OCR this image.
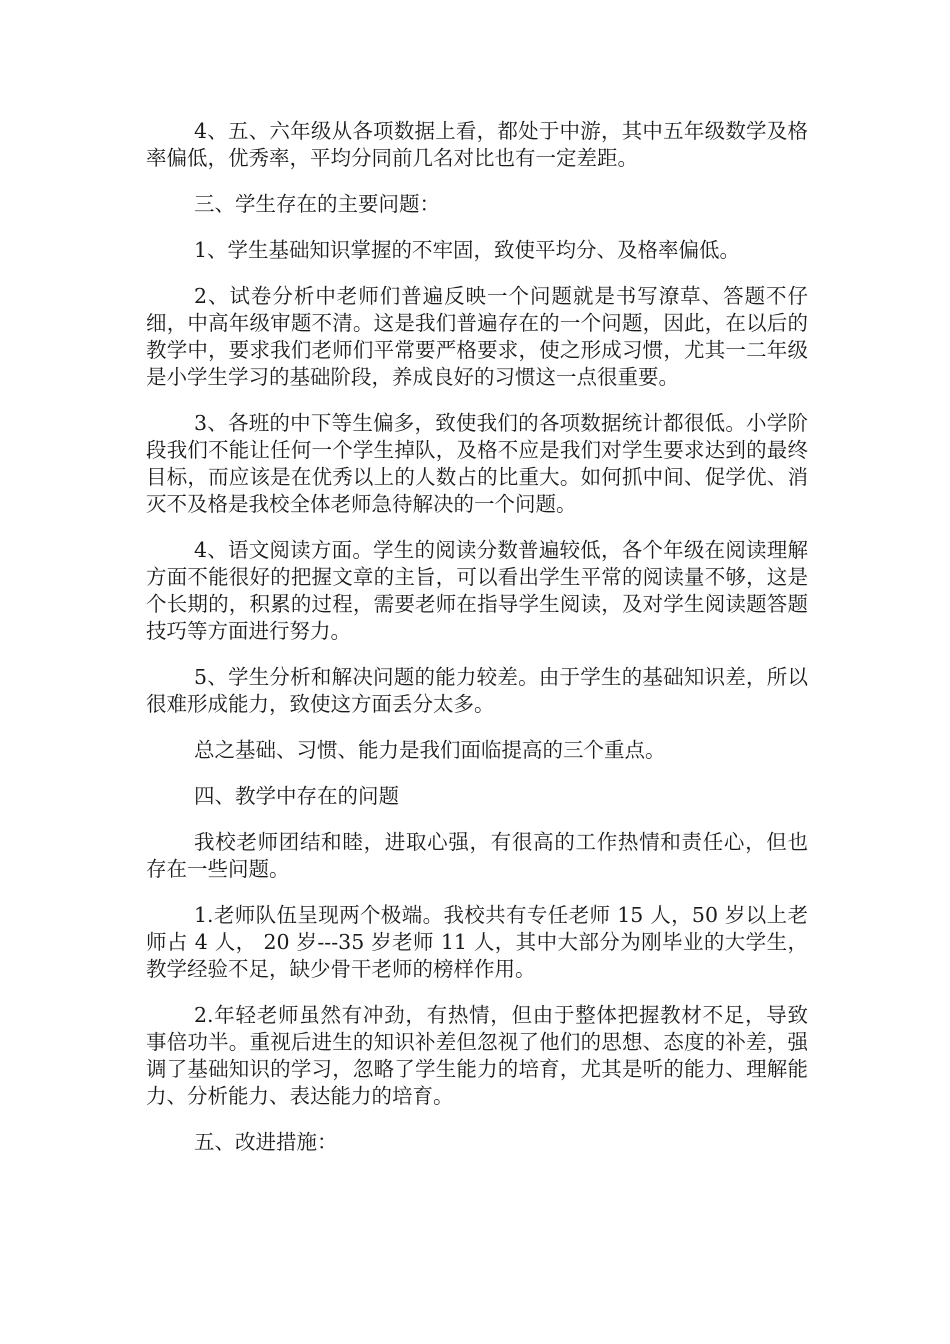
4、五、六年级从各项数据上看，都处于中游，其中五年级数学及格率偏低，优秀率，平均分同前几名对比也有一定差距。

三、学生存在的主要问题：

1、学生基础知识掌握的不牢固，致使平均分、及格率偏低。

2、试卷分析中老师们普遍反映一个问题就是书写潦草、答题不仔细，中高年级审题不清。这是我们普遍存在的一个问题，因此，在以后的教学中，要求我们老师们平常要严格要求，使之形成习惯，尤其一二年级是小学生学习的基础阶段，养成良好的习惯这一点很重要。

3、各班的中下等生偏多，致使我们的各项数据统计都很低。小学阶段我们不能让任何一个学生掉队，及格不应是我们对学生要求达到的最终目标，而应该是在优秀以上的人数占的比重大。如何抓中间、促学优、消灭不及格是我校全体老师急待解决的一个问题。

4、语文阅读方面。学生的阅读分数普遍较低，各个年级在阅读理解方面不能很好的把握文章的主旨，可以看出学生平常的阅读量不够，这是个长期的，积累的过程，需要老师在指导学生阅读，及对学生阅读题答题技巧等方面进行努力。

5、学生分析和解决问题的能力较差。由于学生的基础知识差，所以很难形成能力，致使这方面丢分太多。

总之基础、习惯、能力是我们面临提高的三个重点。

四、教学中存在的问题

我校老师团结和睦，进取心强，有很高的工作热情和责任心，但也存在一些问题。

1.老师队伍呈现两个极端。我校共有专任老师 15 人，50 岁以上老师占 4 人， 20 岁---35 岁老师 11 人，其中大部分为刚毕业的大学生，教学经验不足，缺少骨干老师的榜样作用。

2.年轻老师虽然有冲劲，有热情，但由于整体把握教材不足，导致事倍功半。重视后进生的知识补差但忽视了他们的思想、态度的补差，强调了基础知识的学习，忽略了学生能力的培育，尤其是听的能力、理解能力、分析能力、表达能力的培育。

五、改进措施：
